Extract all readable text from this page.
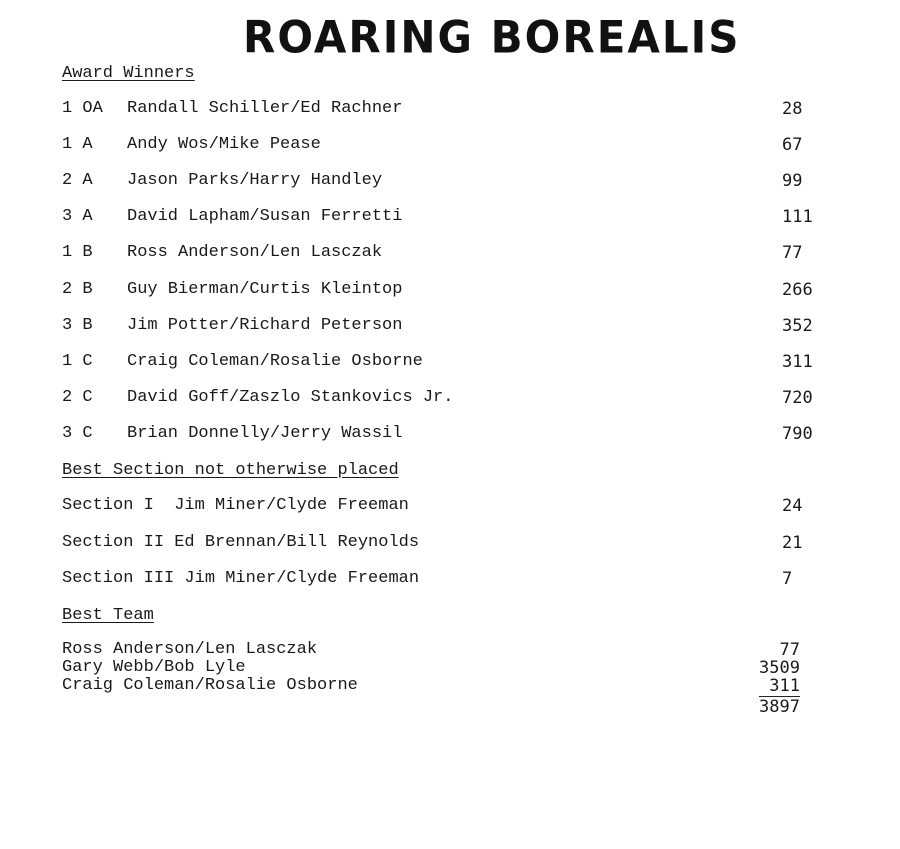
ROARING BOREALIS
Award Winners
1 OA Randall Schiller/Ed Rachner	28
1 A Andy Wos/Mike Pease	67
2 A Jason Parks/Harry Handley	99
3 A David Lapham/Susan Ferretti	111
1 B Ross Anderson/Len Lasczak	77
2 B Guy Bierman/Curtis Kleintop	266
3 B Jim Potter/Richard Peterson	352
1 C Craig Coleman/Rosalie Osborne	311
2 C David Goff/Zaszlo Stankovics Jr.	720
3 C Brian Donnelly/Jerry Wassil	790
Best Section not otherwise placed
Section I  Jim Miner/Clyde Freeman	24
Section II Ed Brennan/Bill Reynolds	21
Section III Jim Miner/Clyde Freeman	7
Best Team
Ross Anderson/Len Lasczak	77
Gary Webb/Bob Lyle	3509
Craig Coleman/Rosalie Osborne	311
3897
